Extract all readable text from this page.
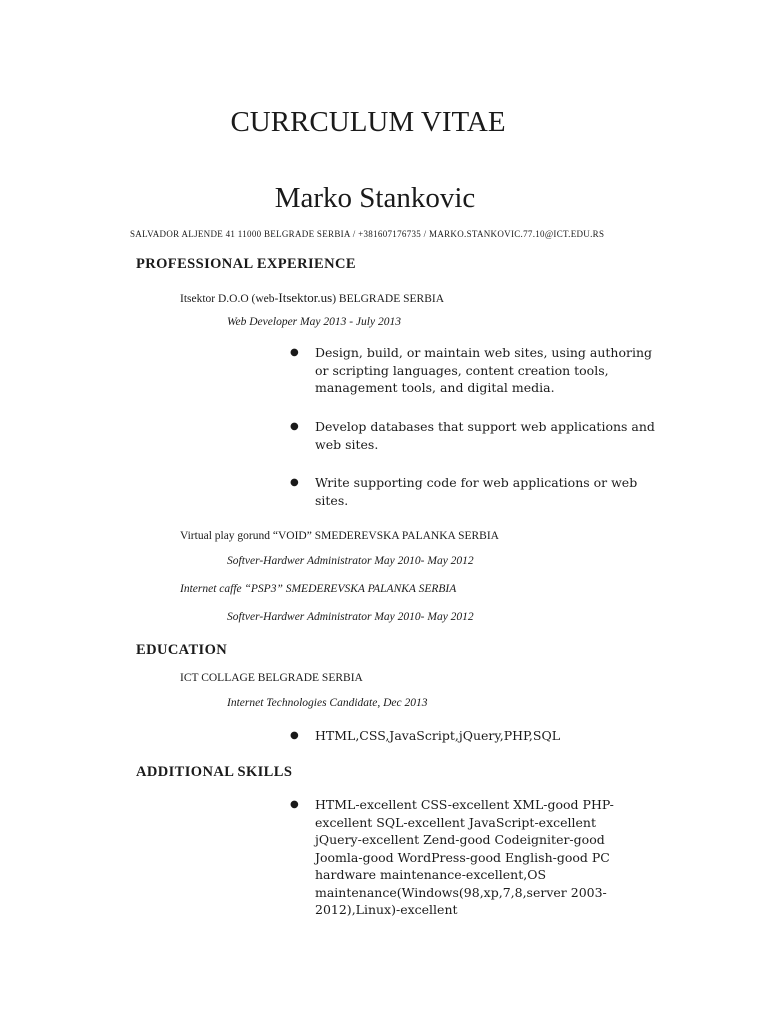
CURRCULUM VITAE
Marko Stankovic
SALVADOR ALJENDE 41 11000 BELGRADE SERBIA / +381607176735 / MARKO.STANKOVIC.77.10@ICT.EDU.RS
PROFESSIONAL EXPERIENCE
Itsektor D.O.O (web-Itsektor.us) BELGRADE SERBIA
Web Developer May 2013 - July 2013
● Design, build, or maintain web sites, using authoring or scripting languages, content creation tools, management tools, and digital media.
● Develop databases that support web applications and web sites.
● Write supporting code for web applications or web sites.
Virtual play gorund “VOID” SMEDEREVSKA PALANKA SERBIA
Softver-Hardwer Administrator May 2010- May 2012
Internet caffe “PSP3” SMEDEREVSKA PALANKA SERBIA
Softver-Hardwer Administrator May 2010- May 2012
EDUCATION
ICT COLLAGE BELGRADE SERBIA
Internet Technologies Candidate, Dec 2013
● HTML,CSS,JavaScript,jQuery,PHP,SQL
ADDITIONAL SKILLS
● HTML-excellent CSS-excellent XML-good PHP-excellent SQL-excellent JavaScript-excellent jQuery-excellent Zend-good Codeigniter-good Joomla-good WordPress-good English-good PC hardware maintenance-excellent,OS maintenance(Windows(98,xp,7,8,server 2003-2012),Linux)-excellent
